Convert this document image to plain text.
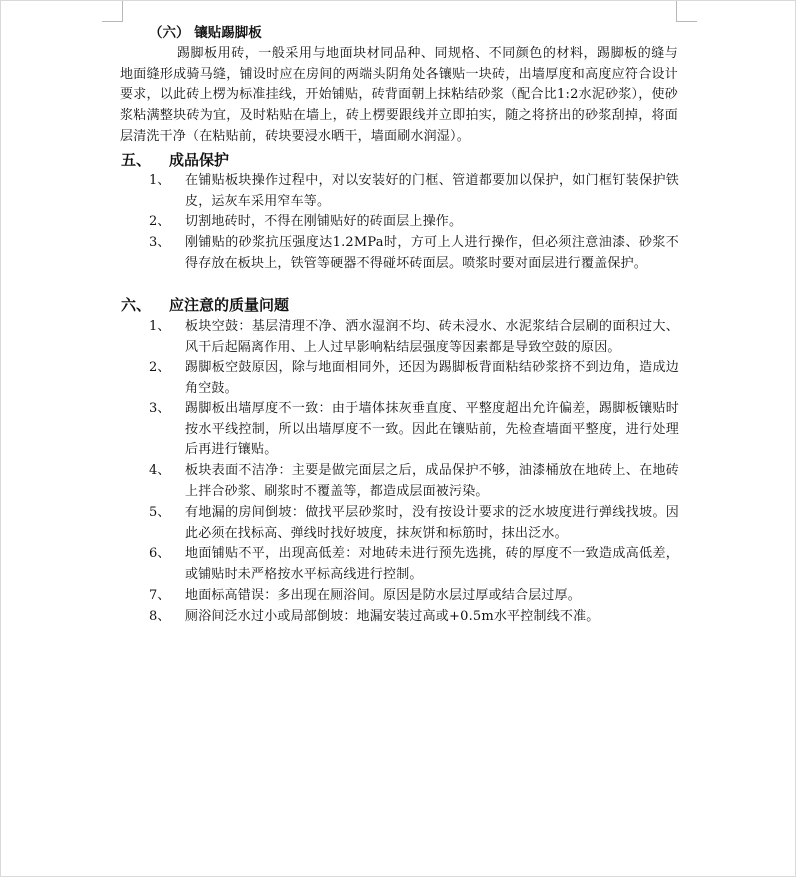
（六） 镶贴踢脚板
踢脚板用砖，一般采用与地面块材同品种、同规格、不同颜色的材料，踢脚板的缝与地面缝形成骑马缝，铺设时应在房间的两端头阴角处各镶贴一块砖，出墙厚度和高度应符合设计要求，以此砖上楞为标准挂线，开始铺贴，砖背面朝上抹粘结砂浆（配合比1:2水泥砂浆），使砂浆粘满整块砖为宜，及时粘贴在墙上，砖上楞要跟线并立即拍实，随之将挤出的砂浆刮掉，将面层清洗干净（在粘贴前，砖块要浸水晒干，墙面刷水润湿）。
五、 成品保护
1、 在铺贴板块操作过程中，对以安装好的门框、管道都要加以保护，如门框钉装保护铁皮，运灰车采用窄车等。
2、 切割地砖时，不得在刚铺贴好的砖面层上操作。
3、 刚铺贴的砂浆抗压强度达1.2MPa时，方可上人进行操作，但必须注意油漆、砂浆不得存放在板块上，铁管等硬器不得碰坏砖面层。喷浆时要对面层进行覆盖保护。
六、 应注意的质量问题
1、 板块空鼓：基层清理不净、洒水湿润不均、砖未浸水、水泥浆结合层刷的面积过大、风干后起隔离作用、上人过早影响粘结层强度等因素都是导致空鼓的原因。
2、 踢脚板空鼓原因，除与地面相同外，还因为踢脚板背面粘结砂浆挤不到边角，造成边角空鼓。
3、 踢脚板出墙厚度不一致：由于墙体抹灰垂直度、平整度超出允许偏差，踢脚板镶贴时按水平线控制，所以出墙厚度不一致。因此在镶贴前，先检查墙面平整度，进行处理后再进行镶贴。
4、 板块表面不洁净：主要是做完面层之后，成品保护不够，油漆桶放在地砖上、在地砖上拌合砂浆、刷浆时不覆盖等，都造成层面被污染。
5、 有地漏的房间倒坡：做找平层砂浆时，没有按设计要求的泛水坡度进行弹线找坡。因此必须在找标高、弹线时找好坡度，抹灰饼和标筋时，抹出泛水。
6、 地面铺贴不平，出现高低差：对地砖未进行预先选挑，砖的厚度不一致造成高低差，或铺贴时未严格按水平标高线进行控制。
7、 地面标高错误：多出现在厕浴间。原因是防水层过厚或结合层过厚。
8、 厕浴间泛水过小或局部倒坡：地漏安装过高或+0.5m水平控制线不准。
